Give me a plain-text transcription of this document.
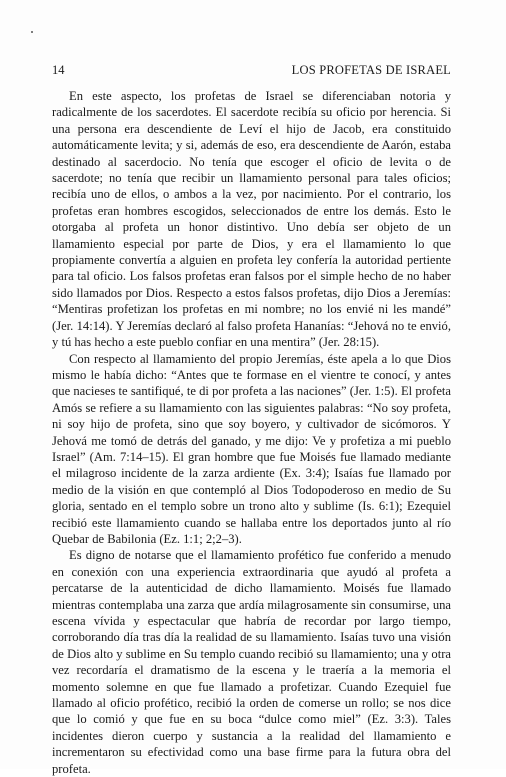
14	LOS PROFETAS DE ISRAEL

En este aspecto, los profetas de Israel se diferenciaban notoria y radicalmente de los sacerdotes. El sacerdote recibía su oficio por herencia. Si una persona era descendiente de Leví el hijo de Jacob, era constituido automáticamente levita; y si, además de eso, era descendiente de Aarón, estaba destinado al sacerdocio. No tenía que escoger el oficio de levita o de sacerdote; no tenía que recibir un llamamiento personal para tales oficios; recibía uno de ellos, o ambos a la vez, por nacimiento. Por el contrario, los profetas eran hombres escogidos, seleccionados de entre los demás. Esto le otorgaba al profeta un honor distintivo. Uno debía ser objeto de un llamamiento especial por parte de Dios, y era el llamamiento lo que propiamente convertía a alguien en profeta ley confería la autoridad pertiente para tal oficio. Los falsos profetas eran falsos por el simple hecho de no haber sido llamados por Dios. Respecto a estos falsos profetas, dijo Dios a Jeremías: “Mentiras profetizan los profetas en mi nombre; no los envié ni les mandé” (Jer. 14:14). Y Jeremías declaró al falso profeta Hananías: “Jehová no te envió, y tú has hecho a este pueblo confiar en una mentira” (Jer. 28:15).

Con respecto al llamamiento del propio Jeremías, éste apela a lo que Dios mismo le había dicho: “Antes que te formase en el vientre te conocí, y antes que nacieses te santifiqué, te di por profeta a las naciones” (Jer. 1:5). El profeta Amós se refiere a su llamamiento con las siguientes palabras: “No soy profeta, ni soy hijo de profeta, sino que soy boyero, y cultivador de sicómoros. Y Jehová me tomó de detrás del ganado, y me dijo: Ve y profetiza a mi pueblo Israel” (Am. 7:14–15). El gran hombre que fue Moisés fue llamado mediante el milagroso incidente de la zarza ardiente (Ex. 3:4); Isaías fue llamado por medio de la visión en que contempló al Dios Todopoderoso en medio de Su gloria, sentado en el templo sobre un trono alto y sublime (Is. 6:1); Ezequiel recibió este llamamiento cuando se hallaba entre los deportados junto al río Quebar de Babilonia (Ez. 1:1; 2;2–3).

Es digno de notarse que el llamamiento profético fue conferido a menudo en conexión con una experiencia extraordinaria que ayudó al profeta a percatarse de la autenticidad de dicho llamamiento. Moisés fue llamado mientras contemplaba una zarza que ardía milagrosamente sin consumirse, una escena vívida y espectacular que habría de recordar por largo tiempo, corroborando día tras día la realidad de su llamamiento. Isaías tuvo una visión de Dios alto y sublime en Su templo cuando recibió su llamamiento; una y otra vez recordaría el dramatismo de la escena y le traería a la memoria el momento solemne en que fue llamado a profetizar. Cuando Ezequiel fue llamado al oficio profético, recibió la orden de comerse un rollo; se nos dice que lo comió y que fue en su boca “dulce como miel” (Ez. 3:3). Tales incidentes dieron cuerpo y sustancia a la realidad del llamamiento e incrementaron su efectividad como una base firme para la futura obra del profeta.
